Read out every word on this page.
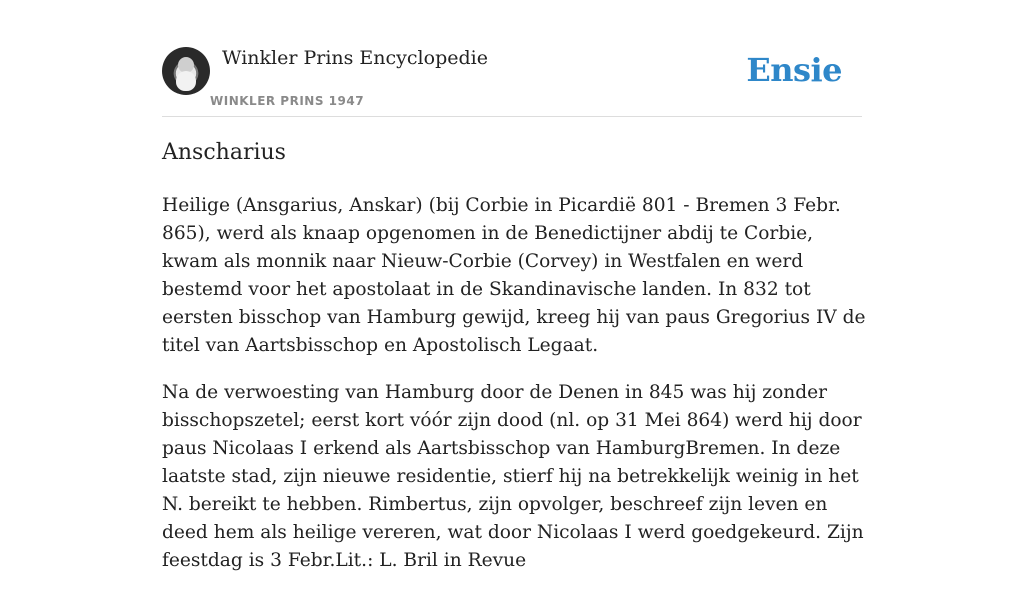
Winkler Prins Encyclopedie
WINKLER PRINS 1947
Ensie
Anscharius

Heilige (Ansgarius, Anskar) (bij Corbie in Picardië 801 - Bremen 3 Febr. 865), werd als knaap opgenomen in de Benedictijner abdij te Corbie, kwam als monnik naar Nieuw-Corbie (Corvey) in Westfalen en werd bestemd voor het apostolaat in de Skandinavische landen. In 832 tot eersten bisschop van Hamburg gewijd, kreeg hij van paus Gregorius IV de titel van Aartsbisschop en Apostolisch Legaat.

Na de verwoesting van Hamburg door de Denen in 845 was hij zonder bisschopszetel; eerst kort vóór zijn dood (nl. op 31 Mei 864) werd hij door paus Nicolaas I erkend als Aartsbisschop van HamburgBremen. In deze laatste stad, zijn nieuwe residentie, stierf hij na betrekkelijk weinig in het N. bereikt te hebben. Rimbertus, zijn opvolger, beschreef zijn leven en deed hem als heilige vereren, wat door Nicolaas I werd goedgekeurd. Zijn feestdag is 3 Febr.Lit.: L. Bril in Revue
